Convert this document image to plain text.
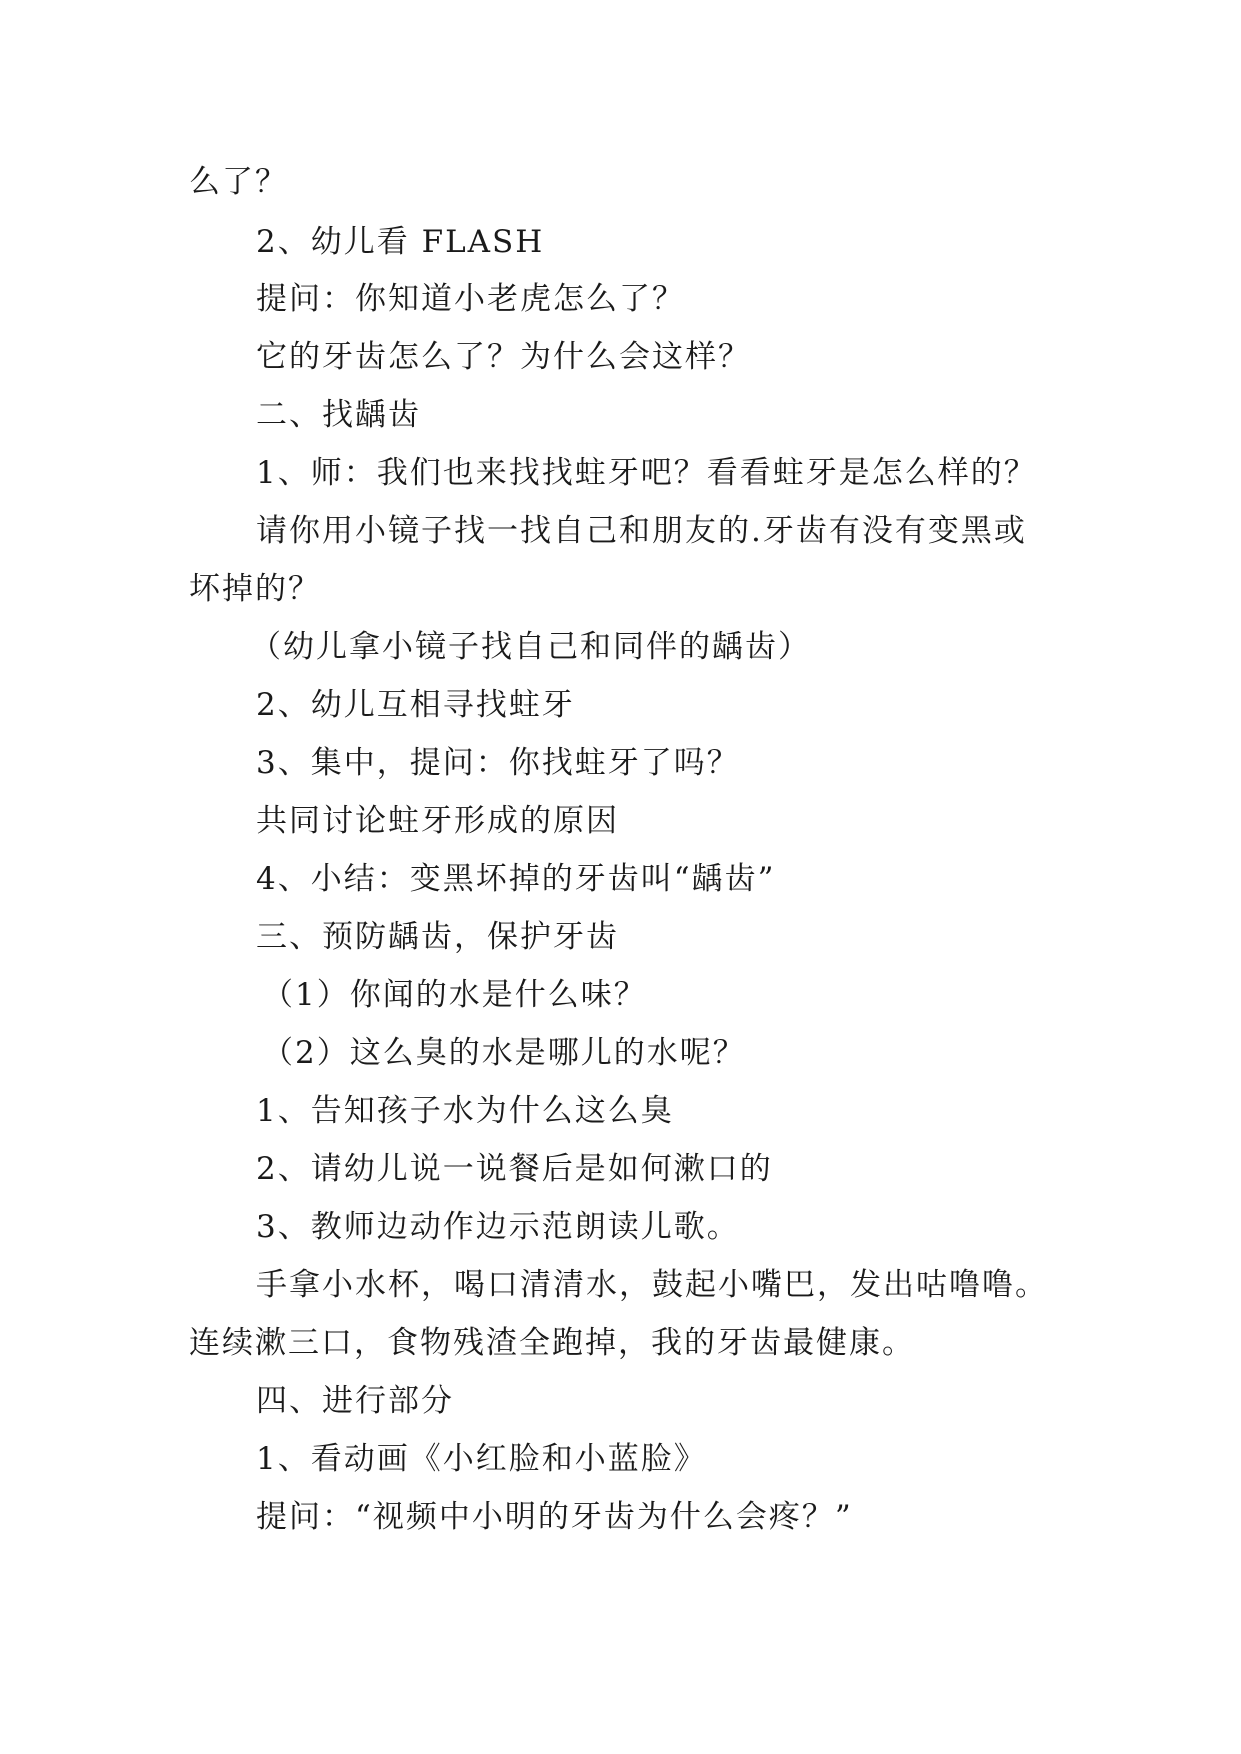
么了？
2、幼儿看 FLASH
提问：你知道小老虎怎么了？
它的牙齿怎么了？为什么会这样？
二、找龋齿
1、师：我们也来找找蛀牙吧？看看蛀牙是怎么样的？
请你用小镜子找一找自己和朋友的.牙齿有没有变黑或
坏掉的？
（幼儿拿小镜子找自己和同伴的龋齿）
2、幼儿互相寻找蛀牙
3、集中，提问：你找蛀牙了吗？
共同讨论蛀牙形成的原因
4、小结：变黑坏掉的牙齿叫“龋齿”
三、预防龋齿，保护牙齿
（1）你闻的水是什么味？
（2）这么臭的水是哪儿的水呢？
1、告知孩子水为什么这么臭
2、请幼儿说一说餐后是如何漱口的
3、教师边动作边示范朗读儿歌。
手拿小水杯，喝口清清水，鼓起小嘴巴，发出咕噜噜。
连续漱三口，食物残渣全跑掉，我的牙齿最健康。
四、进行部分
1、看动画《小红脸和小蓝脸》
提问：“视频中小明的牙齿为什么会疼？”
